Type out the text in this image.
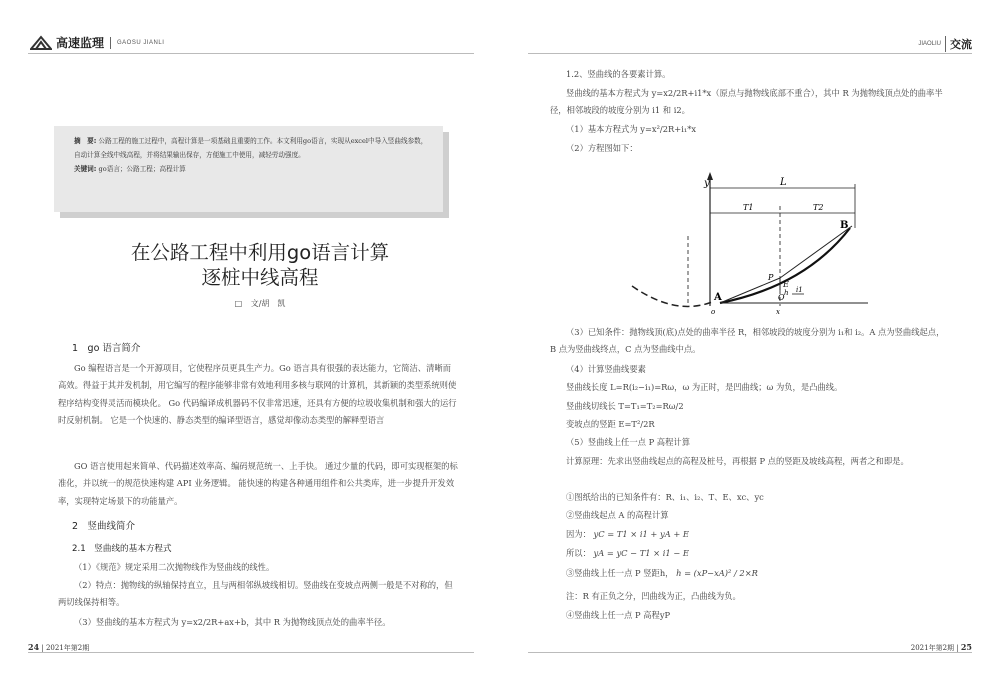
高速监理 GAOSU JIANLI	JIAOLIU 交流
摘　要: 公路工程的施工过程中，高程计算是一项基础且重要的工作。本文利用go语言，实现从excel中导入竖曲线参数，自动计算全线中线高程，并将结果输出保存，方便施工中使用，减轻劳动强度。
关键词: go语言；公路工程；高程计算
在公路工程中利用go语言计算
逐桩中线高程
□ 文/胡　凯
1　go 语言简介
Go 编程语言是一个开源项目，它使程序员更具生产力。Go 语言具有很强的表达能力，它简洁、清晰而高效。得益于其并发机制，用它编写的程序能够非常有效地利用多核与联网的计算机，其新颖的类型系统则使程序结构变得灵活而模块化。 Go 代码编译成机器码不仅非常迅速，还具有方便的垃圾收集机制和强大的运行时反射机制。 它是一个快速的、静态类型的编译型语言，感觉却像动态类型的解释型语言
GO 语言使用起来简单、代码描述效率高、编码规范统一、上手快。 通过少量的代码，即可实现框架的标准化，并以统一的规范快速构建 API 业务逻辑。 能快速的构建各种通用组件和公共类库，进一步提升开发效率，实现特定场景下的功能量产。
2　竖曲线简介
2.1　竖曲线的基本方程式
（1）《规范》规定采用二次抛物线作为竖曲线的线性。
（2）特点：抛物线的纵轴保持直立，且与两相邻纵坡线相切。竖曲线在变坡点两侧一般是不对称的，但两切线保持相等。
（3）竖曲线的基本方程式为 y=x2/2R+ax+b，其中 R 为抛物线顶点处的曲率半径。
1.2、竖曲线的各要素计算。
竖曲线的基本方程式为 y=x2/2R+i1*x（原点与抛物线底部不重合），其中 R 为抛物线顶点处的曲率半径，相邻坡段的坡度分别为 i1 和 i2。
（1）基本方程式为 y=x²/2R+i₁*x
（2）方程图如下：
y	L
T1	T2
B
P
E
A	O
o	x
h i1
（3）已知条件：抛物线顶(底)点处的曲率半径 R，相邻坡段的坡度分别为 i₁和 i₂。A 点为竖曲线起点，B 点为竖曲线终点，C 点为竖曲线中点。
（4）计算竖曲线要素
竖曲线长度 L=R(i₂−i₁)=Rω，ω 为正时，是凹曲线；ω 为负，是凸曲线。
竖曲线切线长 T=T₁=T₂=Rω/2
变坡点的竖距 E=T²/2R
（5）竖曲线上任一点 P 高程计算
计算原理：先求出竖曲线起点的高程及桩号，再根据 P 点的竖距及坡线高程，两者之和即是。
①图纸给出的已知条件有：R、i₁、i₂、T、E、xc、yc
②竖曲线起点 A 的高程计算
因为： yC = T1 × i1 + yA + E
所以： yA = yC − T1 × i1 − E
③竖曲线上任一点 P 竖距h， h = (xP−xA)² / 2×R
注：R 有正负之分，凹曲线为正，凸曲线为负。
④竖曲线上任一点 P 高程yP
24 | 2021年第2期	2021年第2期 | 25
